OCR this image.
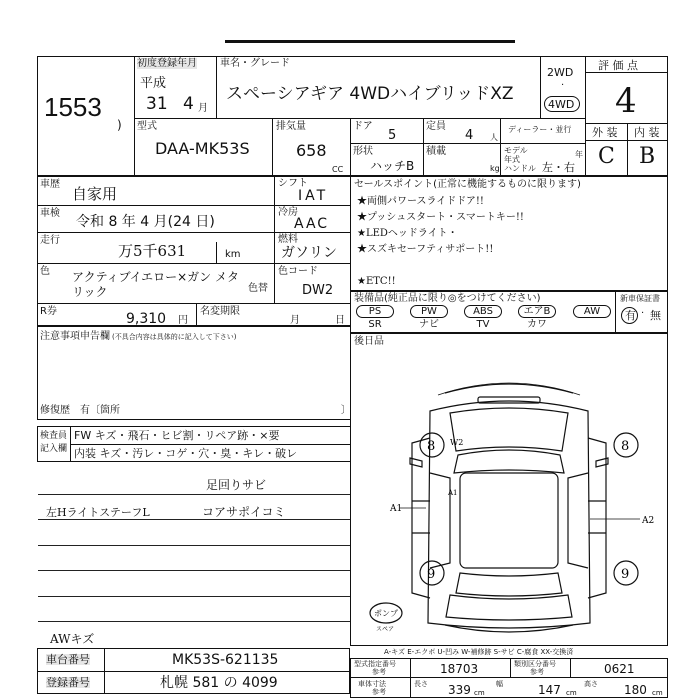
1553
)
初度登録年月
平成
31 4 月
車名・グレード
スペーシアギア 4WDハイブリッドXZ
2WD
·
4WD
評 価 点
4
外 装 内 装
C B
型式
DAA-MK53S
排気量
658
CC
ドア
5
定員
4 人
ディーラー・並行
モデル年式
年
形状
ハッチB
積載
kg ハンドル 左・右
車歴
自家用
車検
令和 8 年 4 月(24 日)
走行
万5千631	km
シフト
IAT
冷房
AAC
燃料
ガソリン
色 アクティブイエロー×ガン メタリック	色替
色コード
DW2
R券	9,310 円
名変期限
月	日
セールスポイント(正常に機能するものに限ります)
★両側パワースライドドア!!
★プッシュスタート・スマートキー!!
★LEDヘッドライト・
★スズキセーフティサポート!!
★ETC!!
装備品(純正品に限り◎をつけてください)
PS	PW	ABS	エアB	AW
SR	ナビ	TV	カワ
新車保証書
有 · 無
後日品
注意事項申告欄 (不具合内容は具体的に記入して下さい)
修復歴 有〔箇所	〕
検査員
記入欄
FW キズ・飛石・ヒビ割・リペア跡・×要
内装 キズ・汚レ・コゲ・穴・臭・キレ・破レ
足回りサビ
左HライトステーフL	コアサポイコミ
AWキズ
8	8
9	9
W2
A1
A1
A2
ポンプ
スペア
A-キズ E-エクボ U-凹み W-補修跡 S-サビ C-腐食 XX-交換済
車台番号	MK53S-621135
登録番号	札幌 581 の 4099
型式指定番号
参考	18703	類別区分番号
参考	0621
車体寸法
参考
長さ 339 cm
幅	147 cm
高さ 180 cm
